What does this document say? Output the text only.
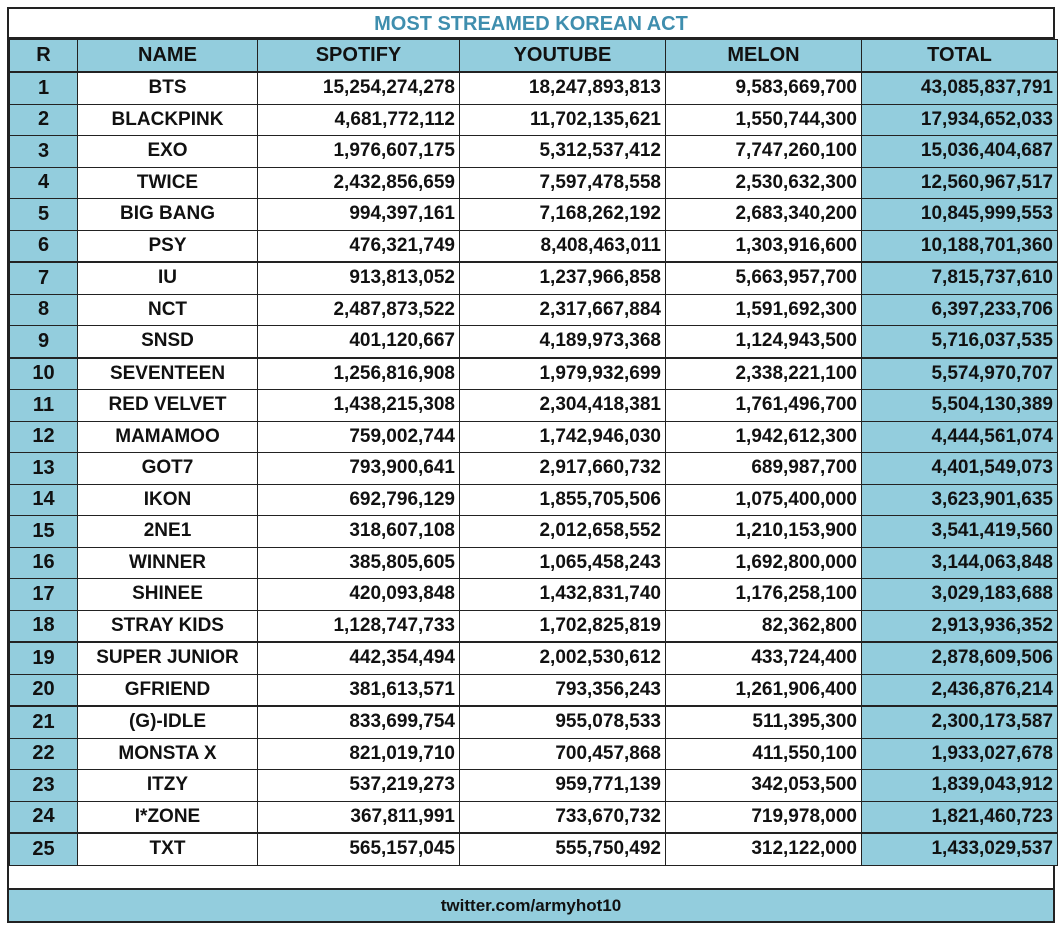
MOST STREAMED KOREAN ACT
R	NAME	SPOTIFY	YOUTUBE	MELON	TOTAL
1	BTS	15,254,274,278	18,247,893,813	9,583,669,700	43,085,837,791
2	BLACKPINK	4,681,772,112	11,702,135,621	1,550,744,300	17,934,652,033
3	EXO	1,976,607,175	5,312,537,412	7,747,260,100	15,036,404,687
4	TWICE	2,432,856,659	7,597,478,558	2,530,632,300	12,560,967,517
5	BIG BANG	994,397,161	7,168,262,192	2,683,340,200	10,845,999,553
6	PSY	476,321,749	8,408,463,011	1,303,916,600	10,188,701,360
7	IU	913,813,052	1,237,966,858	5,663,957,700	7,815,737,610
8	NCT	2,487,873,522	2,317,667,884	1,591,692,300	6,397,233,706
9	SNSD	401,120,667	4,189,973,368	1,124,943,500	5,716,037,535
10	SEVENTEEN	1,256,816,908	1,979,932,699	2,338,221,100	5,574,970,707
11	RED VELVET	1,438,215,308	2,304,418,381	1,761,496,700	5,504,130,389
12	MAMAMOO	759,002,744	1,742,946,030	1,942,612,300	4,444,561,074
13	GOT7	793,900,641	2,917,660,732	689,987,700	4,401,549,073
14	IKON	692,796,129	1,855,705,506	1,075,400,000	3,623,901,635
15	2NE1	318,607,108	2,012,658,552	1,210,153,900	3,541,419,560
16	WINNER	385,805,605	1,065,458,243	1,692,800,000	3,144,063,848
17	SHINEE	420,093,848	1,432,831,740	1,176,258,100	3,029,183,688
18	STRAY KIDS	1,128,747,733	1,702,825,819	82,362,800	2,913,936,352
19	SUPER JUNIOR	442,354,494	2,002,530,612	433,724,400	2,878,609,506
20	GFRIEND	381,613,571	793,356,243	1,261,906,400	2,436,876,214
21	(G)-IDLE	833,699,754	955,078,533	511,395,300	2,300,173,587
22	MONSTA X	821,019,710	700,457,868	411,550,100	1,933,027,678
23	ITZY	537,219,273	959,771,139	342,053,500	1,839,043,912
24	I*ZONE	367,811,991	733,670,732	719,978,000	1,821,460,723
25	TXT	565,157,045	555,750,492	312,122,000	1,433,029,537
twitter.com/armyhot10
